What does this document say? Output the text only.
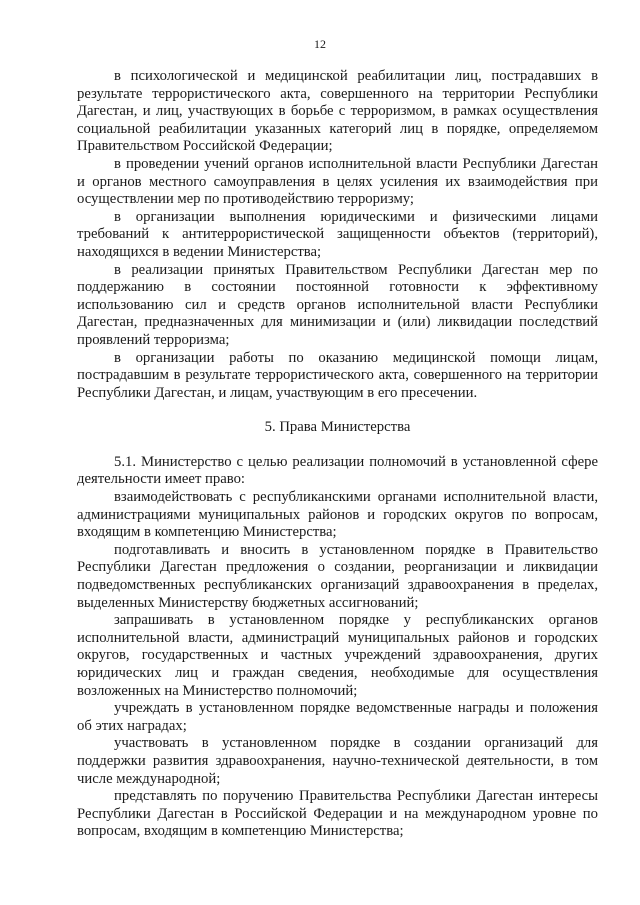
12

в психологической и медицинской реабилитации лиц, пострадавших в результате террористического акта, совершенного на территории Республики Дагестан, и лиц, участвующих в борьбе с терроризмом, в рамках осуществления социальной реабилитации указанных категорий лиц в порядке, определяемом Правительством Российской Федерации;

в проведении учений органов исполнительной власти Республики Дагестан и органов местного самоуправления в целях усиления их взаимодействия при осуществлении мер по противодействию терроризму;

в организации выполнения юридическими и физическими лицами требований к антитеррористической защищенности объектов (территорий), находящихся в ведении Министерства;

в реализации принятых Правительством Республики Дагестан мер по поддержанию в состоянии постоянной готовности к эффективному использованию сил и средств органов исполнительной власти Республики Дагестан, предназначенных для минимизации и (или) ликвидации последствий проявлений терроризма;

в организации работы по оказанию медицинской помощи лицам, пострадавшим в результате террористического акта, совершенного на территории Республики Дагестан, и лицам, участвующим в его пресечении.

5. Права Министерства

5.1. Министерство с целью реализации полномочий в установленной сфере деятельности имеет право:

взаимодействовать с республиканскими органами исполнительной власти, администрациями муниципальных районов и городских округов по вопросам, входящим в компетенцию Министерства;

подготавливать и вносить в установленном порядке в Правительство Республики Дагестан предложения о создании, реорганизации и ликвидации подведомственных республиканских организаций здравоохранения в пределах, выделенных Министерству бюджетных ассигнований;

запрашивать в установленном порядке у республиканских органов исполнительной власти, администраций муниципальных районов и городских округов, государственных и частных учреждений здравоохранения, других юридических лиц и граждан сведения, необходимые для осуществления возложенных на Министерство полномочий;

учреждать в установленном порядке ведомственные награды и положения об этих наградах;

участвовать в установленном порядке в создании организаций для поддержки развития здравоохранения, научно-технической деятельности, в том числе международной;

представлять по поручению Правительства Республики Дагестан интересы Республики Дагестан в Российской Федерации и на международном уровне по вопросам, входящим в компетенцию Министерства;
